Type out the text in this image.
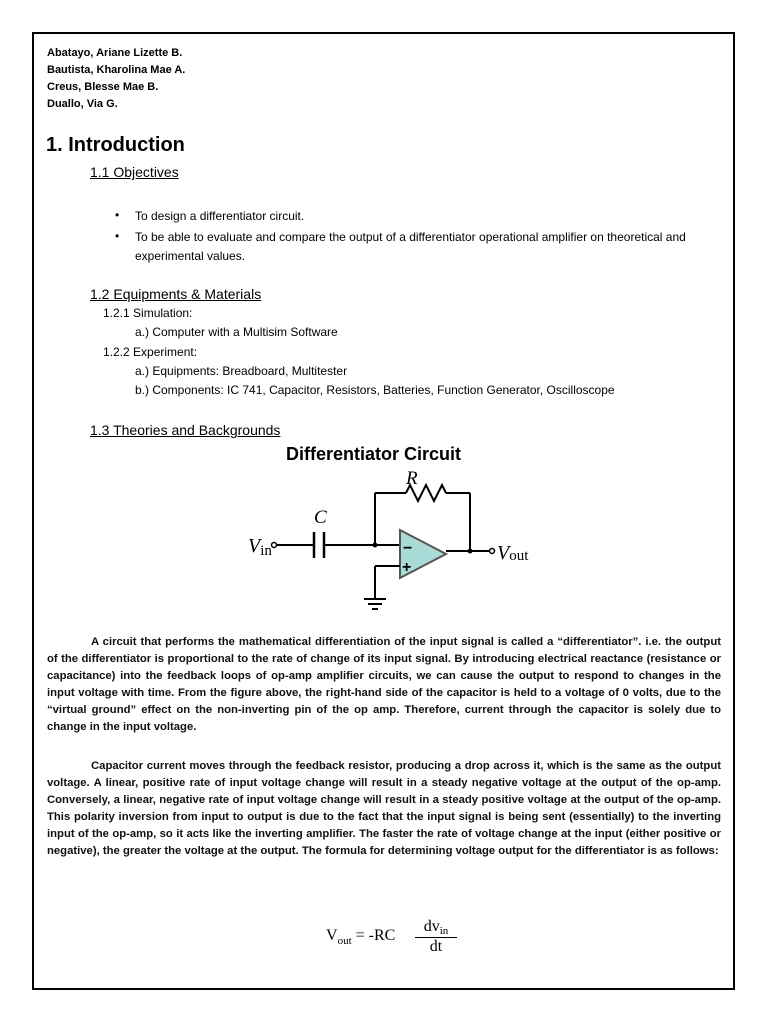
Abatayo, Ariane Lizette B.
Bautista, Kharolina Mae A.
Creus, Blesse Mae B.
Duallo, Via G.
1. Introduction
1.1 Objectives
• To design a differentiator circuit.
• To be able to evaluate and compare the output of a differentiator operational amplifier on theoretical and experimental values.
1.2 Equipments & Materials
1.2.1 Simulation:
a.) Computer with a Multisim Software
1.2.2 Experiment:
a.) Equipments: Breadboard, Multitester
b.) Components: IC 741, Capacitor, Resistors, Batteries, Function Generator, Oscilloscope
1.3 Theories and Backgrounds
Differentiator Circuit
R
C
−
+
Vin	Vout
A circuit that performs the mathematical differentiation of the input signal is called a “differentiator”. i.e. the output of the differentiator is proportional to the rate of change of its input signal. By introducing electrical reactance (resistance or capacitance) into the feedback loops of op-amp amplifier circuits, we can cause the output to respond to changes in the input voltage with time. From the figure above, the right-hand side of the capacitor is held to a voltage of 0 volts, due to the “virtual ground” effect on the non-inverting pin of the op amp. Therefore, current through the capacitor is solely due to change in the input voltage.
Capacitor current moves through the feedback resistor, producing a drop across it, which is the same as the output voltage. A linear, positive rate of input voltage change will result in a steady negative voltage at the output of the op-amp. Conversely, a linear, negative rate of input voltage change will result in a steady positive voltage at the output of the op-amp. This polarity inversion from input to output is due to the fact that the input signal is being sent (essentially) to the inverting input of the op-amp, so it acts like the inverting amplifier. The faster the rate of voltage change at the input (either positive or negative), the greater the voltage at the output. The formula for determining voltage output for the differentiator is as follows:
$V_{out} = -RC$
dvin
dt
